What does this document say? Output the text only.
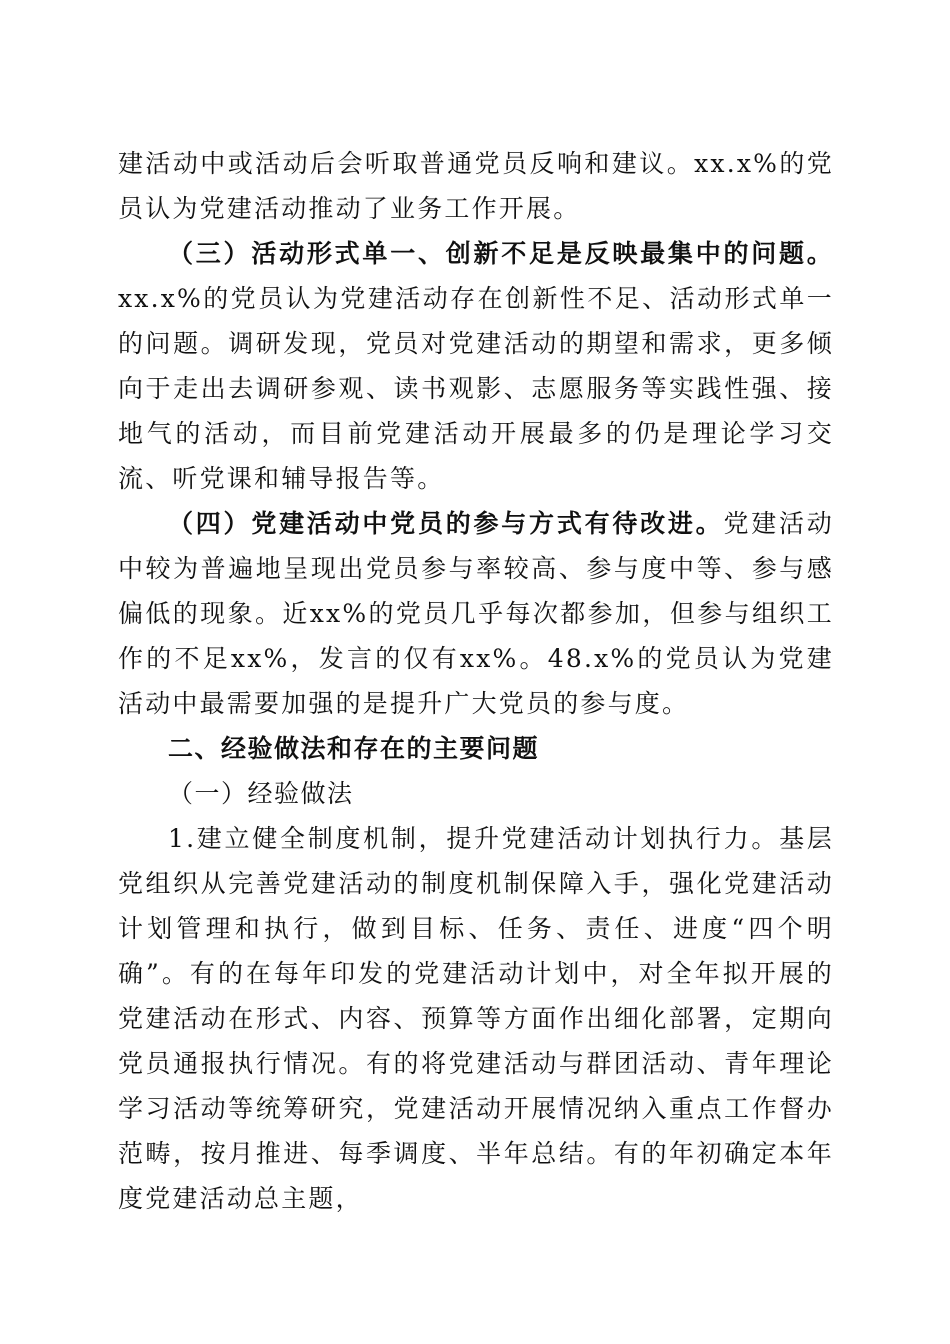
建活动中或活动后会听取普通党员反响和建议。xx.x%的党员认为党建活动推动了业务工作开展。

（三）活动形式单一、创新不足是反映最集中的问题。xx.x%的党员认为党建活动存在创新性不足、活动形式单一的问题。调研发现，党员对党建活动的期望和需求，更多倾向于走出去调研参观、读书观影、志愿服务等实践性强、接地气的活动，而目前党建活动开展最多的仍是理论学习交流、听党课和辅导报告等。

（四）党建活动中党员的参与方式有待改进。党建活动中较为普遍地呈现出党员参与率较高、参与度中等、参与感偏低的现象。近xx%的党员几乎每次都参加，但参与组织工作的不足xx%，发言的仅有xx%。48.x%的党员认为党建活动中最需要加强的是提升广大党员的参与度。

二、经验做法和存在的主要问题

（一）经验做法

1.建立健全制度机制，提升党建活动计划执行力。基层党组织从完善党建活动的制度机制保障入手，强化党建活动计划管理和执行，做到目标、任务、责任、进度“四个明确”。有的在每年印发的党建活动计划中，对全年拟开展的党建活动在形式、内容、预算等方面作出细化部署，定期向党员通报执行情况。有的将党建活动与群团活动、青年理论学习活动等统筹研究，党建活动开展情况纳入重点工作督办范畴，按月推进、每季调度、半年总结。有的年初确定本年度党建活动总主题，
